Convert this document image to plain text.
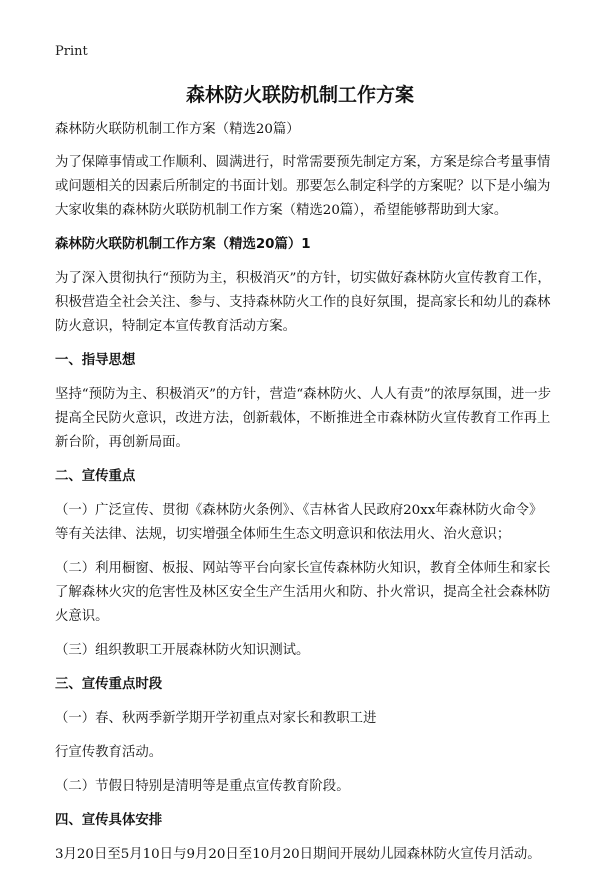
Print
森林防火联防机制工作方案

森林防火联防机制工作方案（精选20篇）

为了保障事情或工作顺利、圆满进行，时常需要预先制定方案，方案是综合考量事情或问题相关的因素后所制定的书面计划。那要怎么制定科学的方案呢？以下是小编为大家收集的森林防火联防机制工作方案（精选20篇），希望能够帮助到大家。

森林防火联防机制工作方案（精选20篇）1

为了深入贯彻执行“预防为主，积极消灭”的方针，切实做好森林防火宣传教育工作，积极营造全社会关注、参与、支持森林防火工作的良好氛围，提高家长和幼儿的森林防火意识，特制定本宣传教育活动方案。

一、指导思想

坚持“预防为主、积极消灭”的方针，营造“森林防火、人人有责”的浓厚氛围，进一步提高全民防火意识，改进方法，创新载体，不断推进全市森林防火宣传教育工作再上新台阶，再创新局面。

二、宣传重点

（一）广泛宣传、贯彻《森林防火条例》、《吉林省人民政府20xx年森林防火命令》等有关法律、法规，切实增强全体师生生态文明意识和依法用火、治火意识；

（二）利用橱窗、板报、网站等平台向家长宣传森林防火知识，教育全体师生和家长了解森林火灾的危害性及林区安全生产生活用火和防、扑火常识，提高全社会森林防火意识。

（三）组织教职工开展森林防火知识测试。

三、宣传重点时段

（一）春、秋两季新学期开学初重点对家长和教职工进

行宣传教育活动。

（二）节假日特别是清明等是重点宣传教育阶段。

四、宣传具体安排

3月20日至5月10日与9月20日至10月20日期间开展幼儿园森林防火宣传月活动。
